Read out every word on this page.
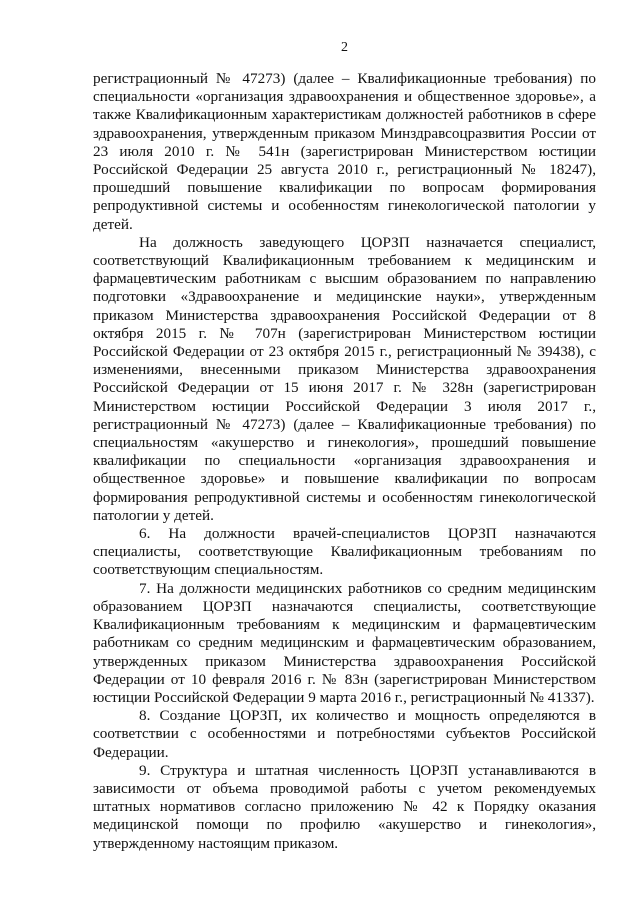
2

регистрационный № 47273) (далее – Квалификационные требования) по специальности «организация здравоохранения и общественное здоровье», а также Квалификационным характеристикам должностей работников в сфере здравоохранения, утвержденным приказом Минздравсоцразвития России от 23 июля 2010 г. № 541н (зарегистрирован Министерством юстиции Российской Федерации 25 августа 2010 г., регистрационный № 18247), прошедший повышение квалификации по вопросам формирования репродуктивной системы и особенностям гинекологической патологии у детей.

На должность заведующего ЦОРЗП назначается специалист, соответствующий Квалификационным требованием к медицинским и фармацевтическим работникам с высшим образованием по направлению подготовки «Здравоохранение и медицинские науки», утвержденным приказом Министерства здравоохранения Российской Федерации от 8 октября 2015 г. № 707н (зарегистрирован Министерством юстиции Российской Федерации от 23 октября 2015 г., регистрационный № 39438), с изменениями, внесенными приказом Министерства здравоохранения Российской Федерации от 15 июня 2017 г. № 328н (зарегистрирован Министерством юстиции Российской Федерации 3 июля 2017 г., регистрационный № 47273) (далее – Квалификационные требования) по специальностям «акушерство и гинекология», прошедший повышение квалификации по специальности «организация здравоохранения и общественное здоровье» и повышение квалификации по вопросам формирования репродуктивной системы и особенностям гинекологической патологии у детей.

6. На должности врачей-специалистов ЦОРЗП назначаются специалисты, соответствующие Квалификационным требованиям по соответствующим специальностям.

7. На должности медицинских работников со средним медицинским образованием ЦОРЗП назначаются специалисты, соответствующие Квалификационным требованиям к медицинским и фармацевтическим работникам со средним медицинским и фармацевтическим образованием, утвержденных приказом Министерства здравоохранения Российской Федерации от 10 февраля 2016 г. № 83н (зарегистрирован Министерством юстиции Российской Федерации 9 марта 2016 г., регистрационный № 41337).

8. Создание ЦОРЗП, их количество и мощность определяются в соответствии с особенностями и потребностями субъектов Российской Федерации.

9. Структура и штатная численность ЦОРЗП устанавливаются в зависимости от объема проводимой работы с учетом рекомендуемых штатных нормативов согласно приложению № 42 к Порядку оказания медицинской помощи по профилю «акушерство и гинекология», утвержденному настоящим приказом.
